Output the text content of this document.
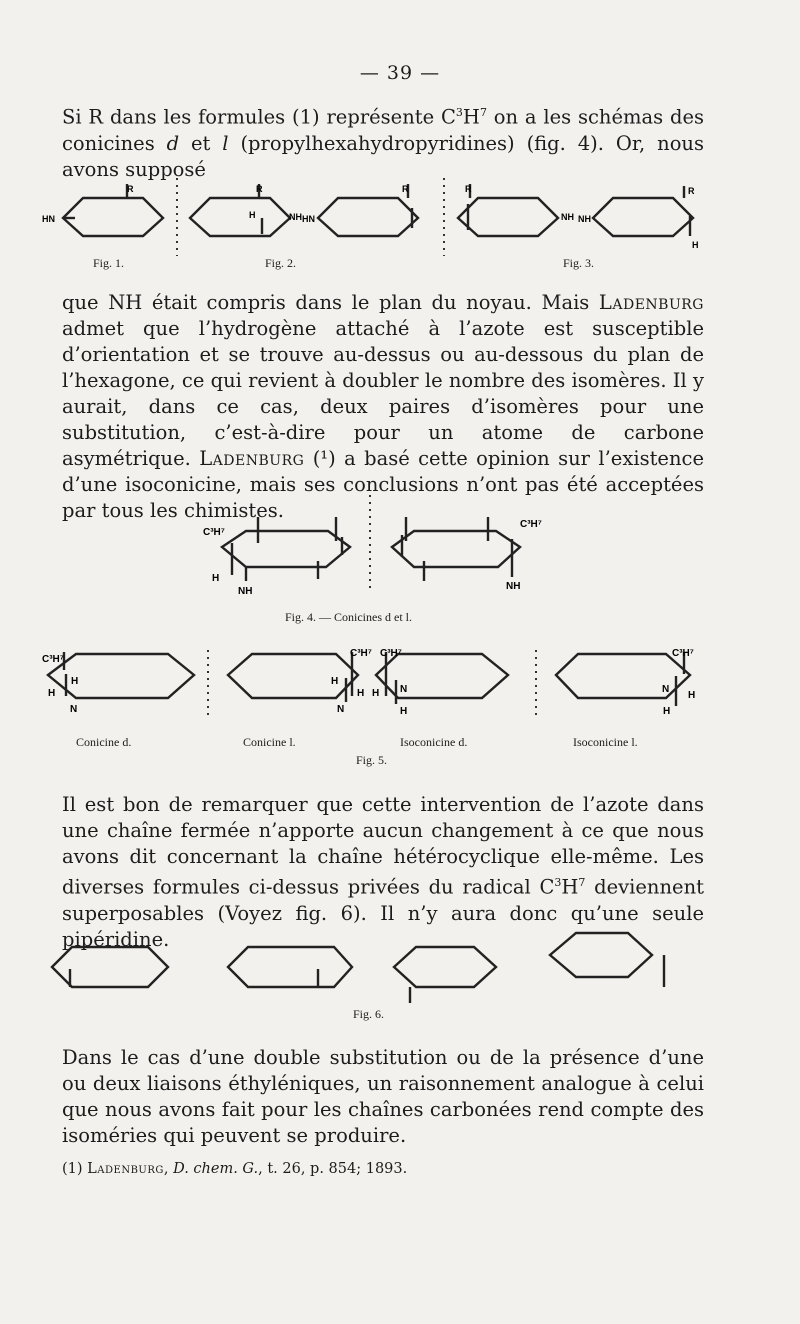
— 39 —
Si R dans les formules (1) représente $C^3H^7$ on a les schémas des conicines d et l (propylhexahydropyridines) (fig. 4). Or, nous avons supposé
R
HN
R
H	NH
R
HN
R
NH NH
R
H
Fig. 1.	Fig. 2.	Fig. 3.
que NH était compris dans le plan du noyau. Mais Ladenburg admet que l’hydrogène attaché à l’azote est susceptible d’orientation et se trouve au-dessus ou au-dessous du plan de l’hexagone, ce qui revient à doubler le nombre des isomères. Il y aurait, dans ce cas, deux paires d’isomères pour une substitution, c’est-à-dire pour un atome de carbone asymétrique. Ladenburg (¹) a basé cette opinion sur l’existence d’une isoconicine, mais ses conclusions n’ont pas été acceptées par tous les chimistes.
C³H⁷
H
NH
C³H⁷
NH
Fig. 4. — Conicines d et l.
C³H⁷
H
H
N
H
N
H
C³H⁷ C³H⁷
H N
H
C³H⁷
N
H
H
Conicine d.	Conicine l.	Isoconicine d.	Isoconicine l.
Fig. 5.
Il est bon de remarquer que cette intervention de l’azote dans une chaîne fermée n’apporte aucun changement à ce que nous avons dit concernant la chaîne hétérocyclique elle-même. Les diverses formules ci-dessus privées du radical $C^3H^7$ deviennent superposables (Voyez fig. 6). Il n’y aura donc qu’une seule pipéridine.
Fig. 6.
Dans le cas d’une double substitution ou de la présence d’une ou deux liaisons éthyléniques, un raisonnement analogue à celui que nous avons fait pour les chaînes carbonées rend compte des isoméries qui peuvent se produire.
(1) Ladenburg, D. chem. G., t. 26, p. 854; 1893.
